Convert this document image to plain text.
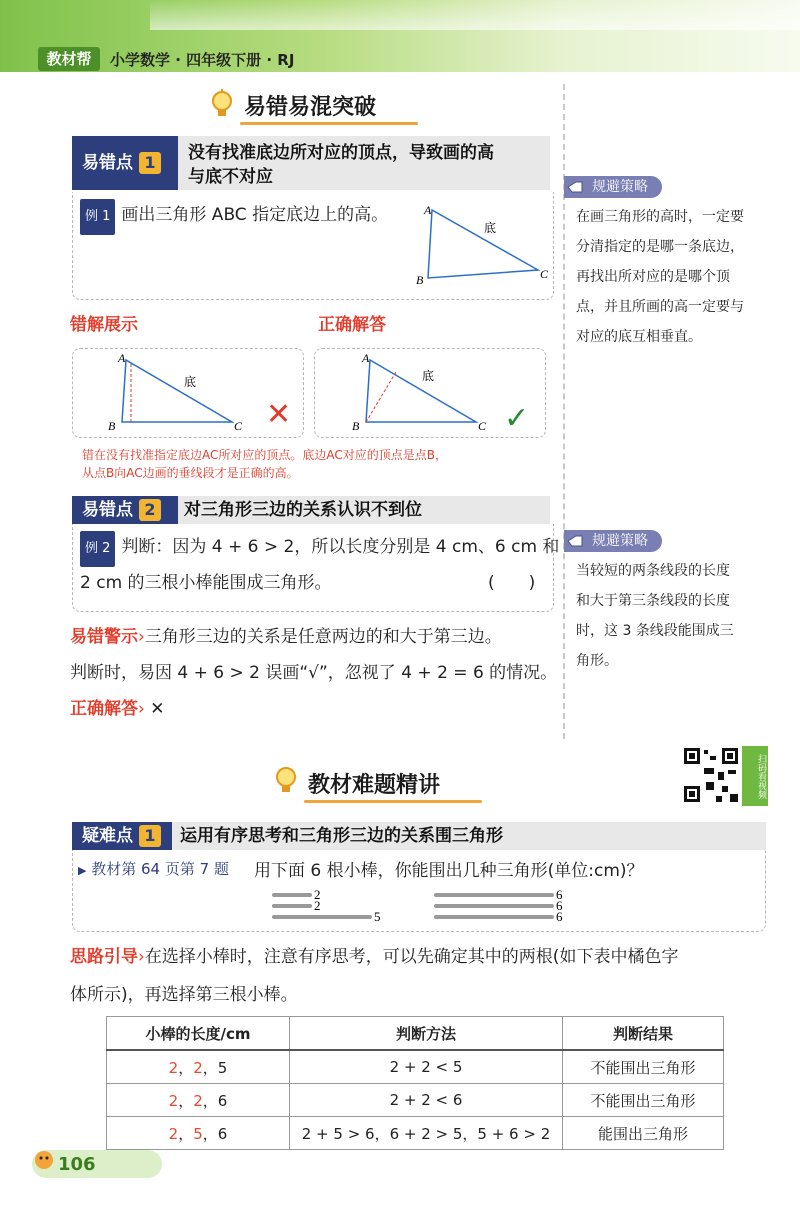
教材帮	小学数学 · 四年级下册 · RJ
易错易混突破
易错点 1	没有找准底边所对应的顶点，导致画的高
与底不对应
例 1 画出三角形 ABC 指定底边上的高。	A
B	C
底
错解展示	正确解答
A
B	C
底
✕
A
B	C
底
✓
错在没有找准指定底边AC所对应的顶点。底边AC对应的顶点是点B，
从点B向AC边画的垂线段才是正确的高。
规避策略
在画三角形的高时，一定要
分清指定的是哪一条底边，
再找出所对应的是哪个顶
点，并且所画的高一定要与
对应的底互相垂直。
易错点 2	对三角形三边的关系认识不到位
例 2 判断：因为 4 + 6 > 2，所以长度分别是 4 cm、6 cm 和
2 cm 的三根小棒能围成三角形。	(　　)
易错警示›三角形三边的关系是任意两边的和大于第三边。
判断时，易因 4 + 6 > 2 误画“√”，忽视了 4 + 2 = 6 的情况。
正确解答› ✕
规避策略
当较短的两条线段的长度
和大于第三条线段的长度
时，这 3 条线段能围成三
角形。
教材难题精讲	扫码看视频
疑难点 1	运用有序思考和三角形三边的关系围三角形
▶ 教材第 64 页第 7 题 用下面 6 根小棒，你能围出几种三角形(单位:cm)？
2
2
5
6
6
6
思路引导›在选择小棒时，注意有序思考，可以先确定其中的两根(如下表中橘色字
体所示)，再选择第三根小棒。
小棒的长度/cm	判断方法	判断结果
2，2，5	2 + 2 < 5	不能围出三角形
2，2，6	2 + 2 < 6	不能围出三角形
2，5，6	2 + 5 > 6，6 + 2 > 5，5 + 6 > 2	能围出三角形
106
